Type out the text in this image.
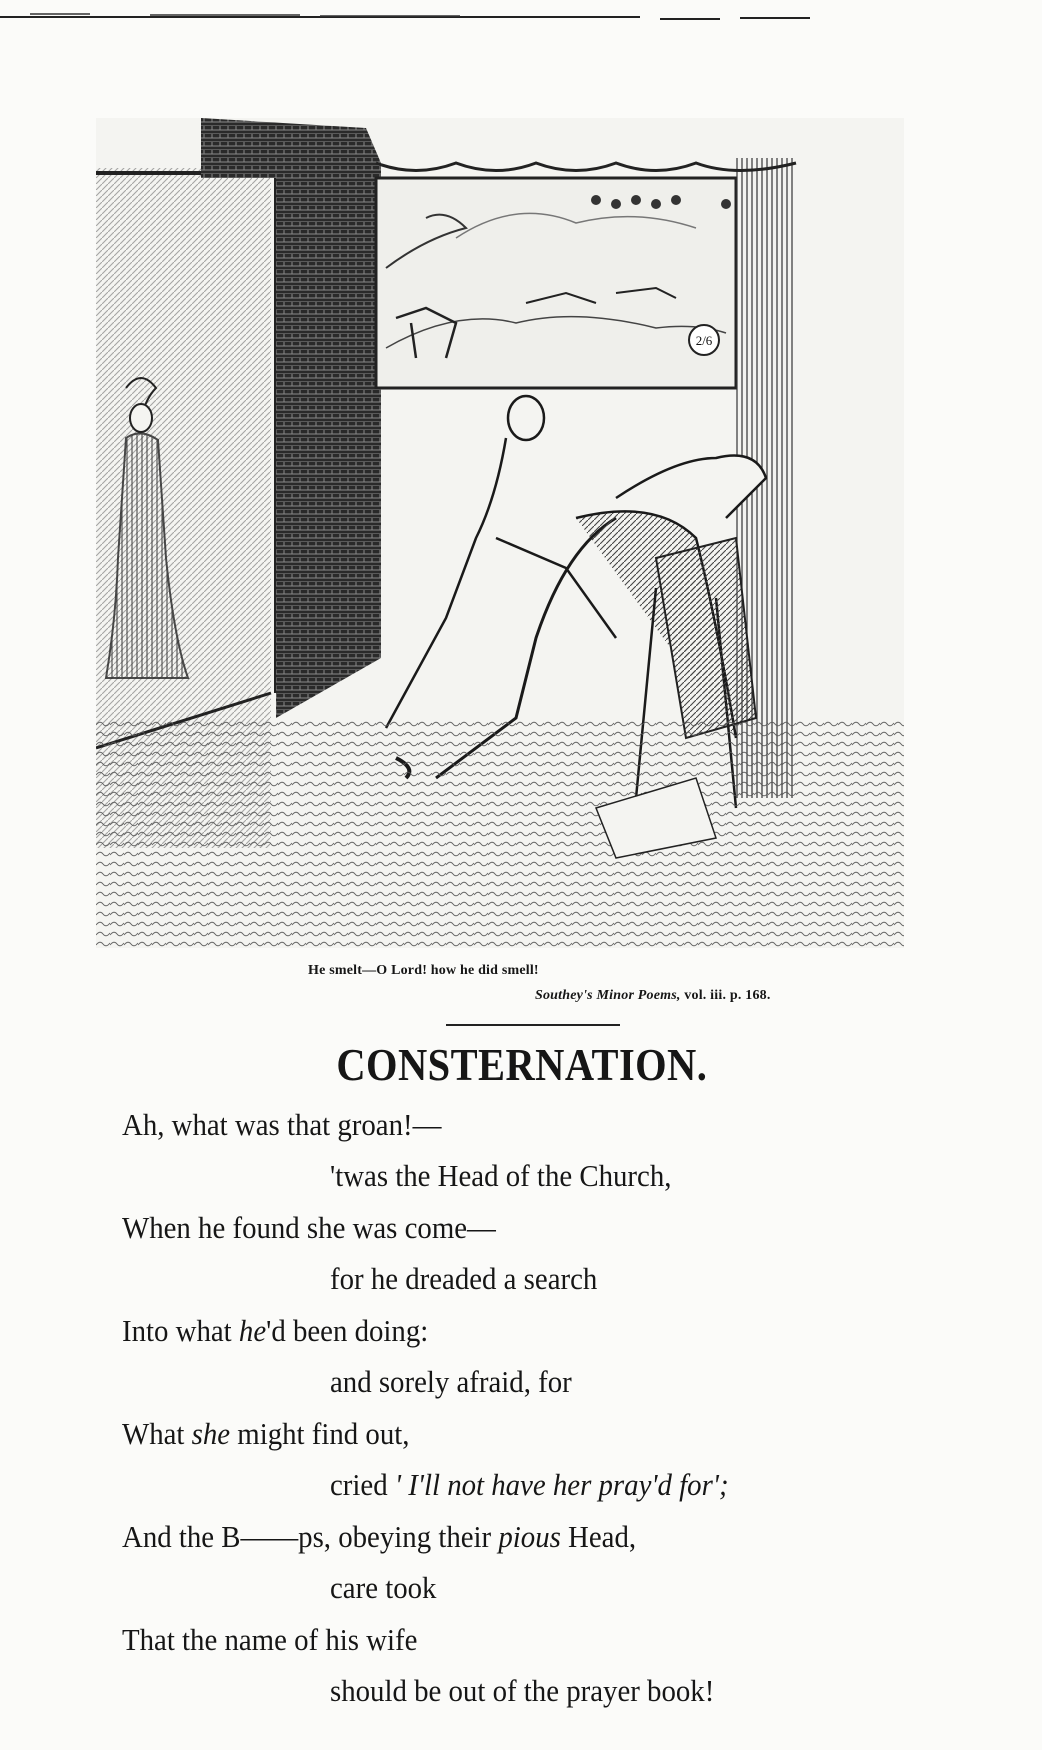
2/6
He smelt—O Lord! how he did smell!
Southey's Minor Poems, vol. iii. p. 168.
CONSTERNATION.
Ah, what was that groan!—
'twas the Head of the Church,
When he found she was come—
for he dreaded a search
Into what he'd been doing:
and sorely afraid, for
What she might find out,
cried ' I'll not have her pray'd for';
And the B——ps, obeying their pious Head,
care took
That the name of his wife
should be out of the prayer book!
